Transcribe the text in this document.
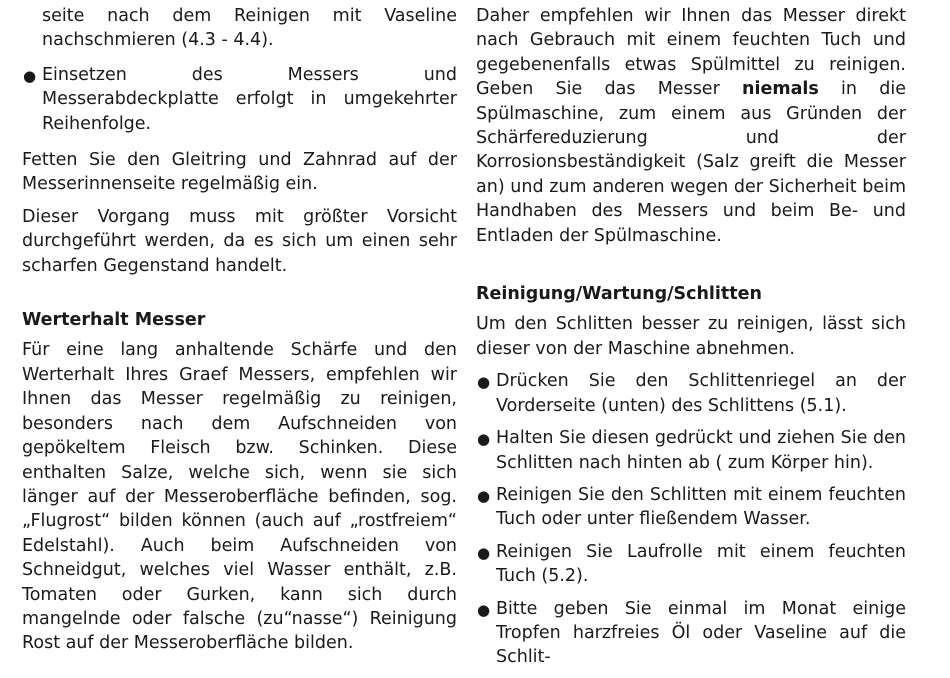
seite nach dem Reinigen mit Vaseline nachschmieren (4.3 - 4.4).

● Einsetzen des Messers und Messerabdeckplatte erfolgt in umgekehrter Reihenfolge.

Fetten Sie den Gleitring und Zahnrad auf der Messerinnenseite regelmäßig ein.

Dieser Vorgang muss mit größter Vorsicht durchgeführt werden, da es sich um einen sehr scharfen Gegenstand handelt.

Werterhalt Messer

Für eine lang anhaltende Schärfe und den Werterhalt Ihres Graef Messers, empfehlen wir Ihnen das Messer regelmäßig zu reinigen, besonders nach dem Aufschneiden von gepökeltem Fleisch bzw. Schinken. Diese enthalten Salze, welche sich, wenn sie sich länger auf der Messeroberfläche befinden, sog. „Flugrost“ bilden können (auch auf „rostfreiem“ Edelstahl). Auch beim Aufschneiden von Schneidgut, welches viel Wasser enthält, z.B. Tomaten oder Gurken, kann sich durch mangelnde oder falsche (zu“nasse“) Reinigung Rost auf der Messeroberfläche bilden.

Daher empfehlen wir Ihnen das Messer direkt nach Gebrauch mit einem feuchten Tuch und gegebenenfalls etwas Spülmittel zu reinigen. Geben Sie das Messer niemals in die Spülmaschine, zum einem aus Gründen der Schärfereduzierung und der Korrosionsbeständigkeit (Salz greift die Messer an) und zum anderen wegen der Sicherheit beim Handhaben des Messers und beim Be- und Entladen der Spülmaschine.

Reinigung/Wartung/Schlitten

Um den Schlitten besser zu reinigen, lässt sich dieser von der Maschine abnehmen.

● Drücken Sie den Schlittenriegel an der Vorderseite (unten) des Schlittens (5.1).
● Halten Sie diesen gedrückt und ziehen Sie den Schlitten nach hinten ab ( zum Körper hin).
● Reinigen Sie den Schlitten mit einem feuchten Tuch oder unter fließendem Wasser.
● Reinigen Sie Laufrolle mit einem feuchten Tuch (5.2).
● Bitte geben Sie einmal im Monat einige Tropfen harzfreies Öl oder Vaseline auf die Schlit-
